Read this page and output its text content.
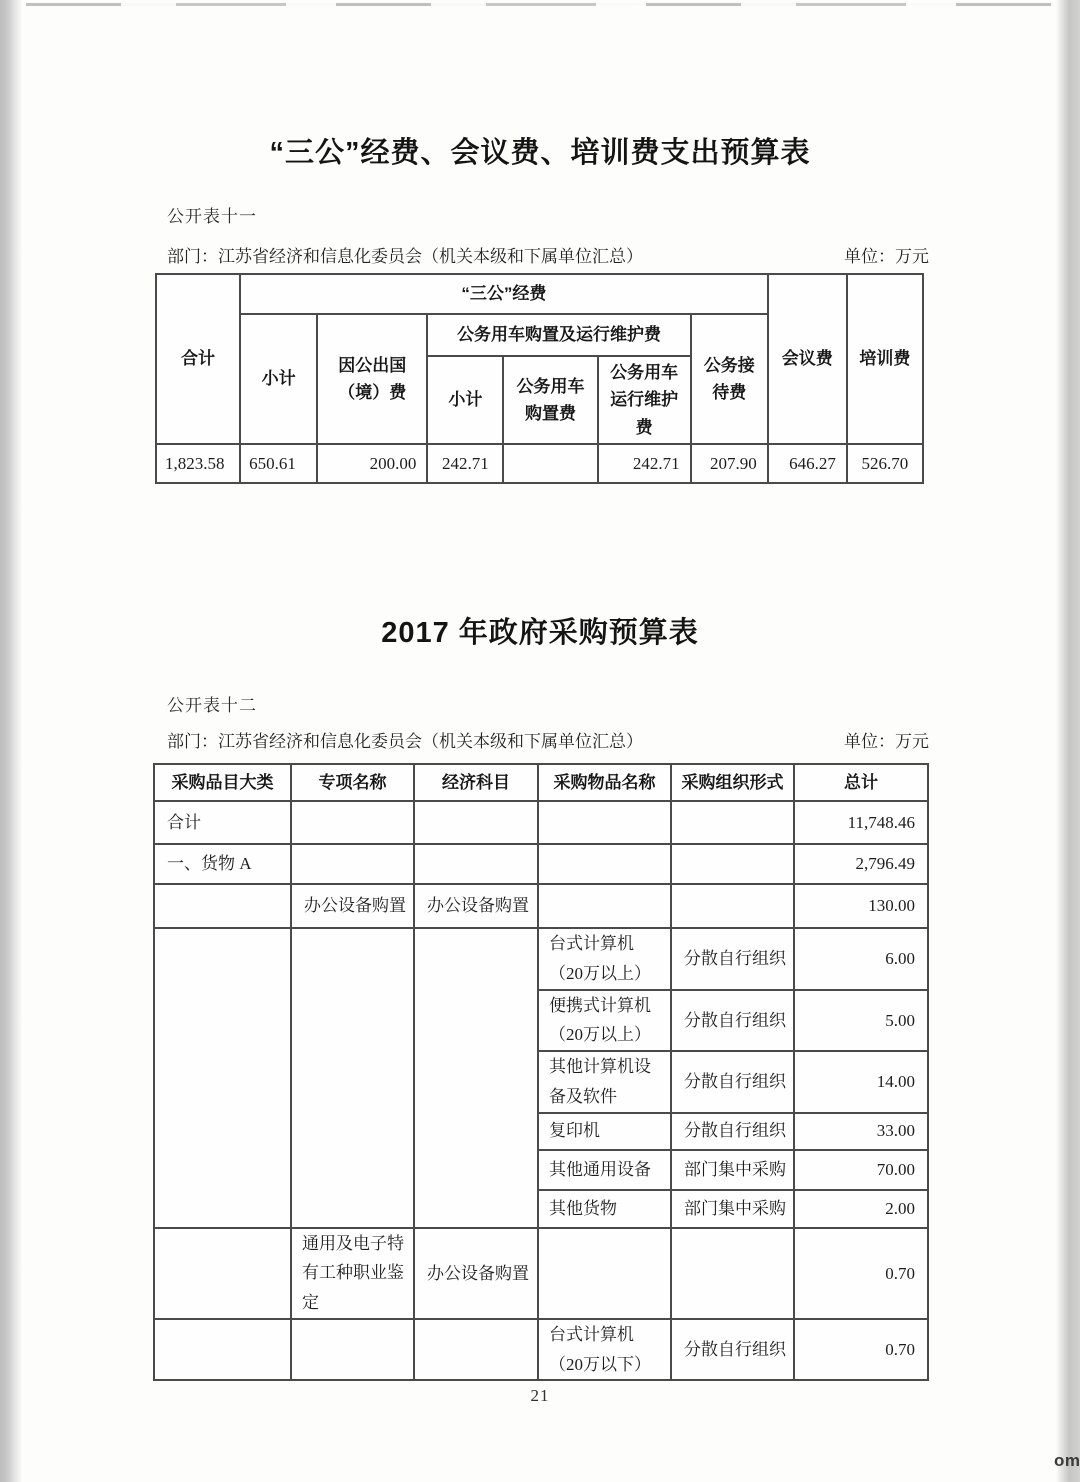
“三公”经费、会议费、培训费支出预算表
公开表十一
部门：江苏省经济和信息化委员会（机关本级和下属单位汇总）	单位：万元
合计	“三公”经费						会议费	培训费
	小计	因公出国（境）费	公务用车购置及运行维护费			公务接待费		
			小计	公务用车购置费	公务用车运行维护费			
1,823.58	650.61	200.00	242.71		242.71	207.90	646.27	526.70
2017 年政府采购预算表
公开表十二
部门：江苏省经济和信息化委员会（机关本级和下属单位汇总）	单位：万元
采购品目大类	专项名称	经济科目	采购物品名称	采购组织形式	总计
合计					11,748.46
一、货物 A					2,796.49
	办公设备购置	办公设备购置			130.00
			台式计算机（20万以上）	分散自行组织	6.00
			便携式计算机（20万以上）	分散自行组织	5.00
			其他计算机设备及软件	分散自行组织	14.00
			复印机	分散自行组织	33.00
			其他通用设备	部门集中采购	70.00
			其他货物	部门集中采购	2.00
	通用及电子特有工种职业鉴定	办公设备购置			0.70
			台式计算机（20万以下）	分散自行组织	0.70
21
om
